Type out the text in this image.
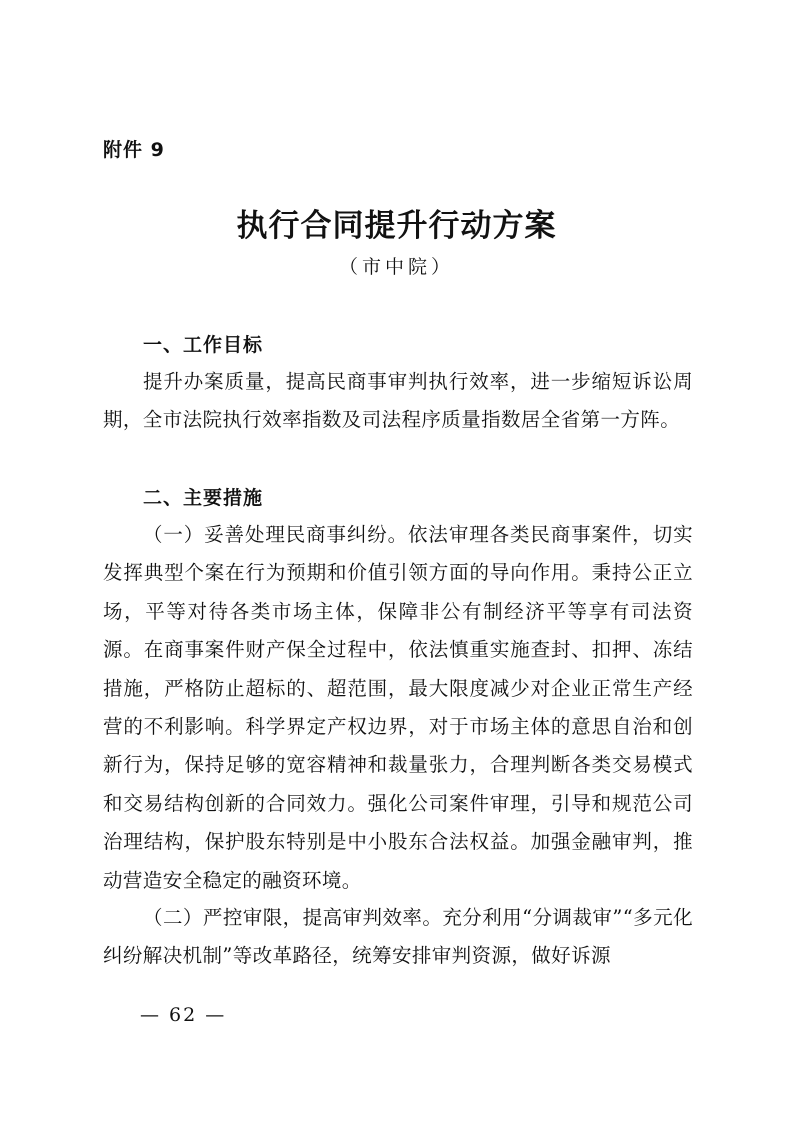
附件 9
执行合同提升行动方案
（市中院）
一、工作目标

提升办案质量，提高民商事审判执行效率，进一步缩短诉讼周期，全市法院执行效率指数及司法程序质量指数居全省第一方阵。

二、主要措施

（一）妥善处理民商事纠纷。依法审理各类民商事案件，切实发挥典型个案在行为预期和价值引领方面的导向作用。秉持公正立场，平等对待各类市场主体，保障非公有制经济平等享有司法资源。在商事案件财产保全过程中，依法慎重实施查封、扣押、冻结措施，严格防止超标的、超范围，最大限度减少对企业正常生产经营的不利影响。科学界定产权边界，对于市场主体的意思自治和创新行为，保持足够的宽容精神和裁量张力，合理判断各类交易模式和交易结构创新的合同效力。强化公司案件审理，引导和规范公司治理结构，保护股东特别是中小股东合法权益。加强金融审判，推动营造安全稳定的融资环境。

（二）严控审限，提高审判效率。充分利用“分调裁审”“多元化纠纷解决机制”等改革路径，统筹安排审判资源，做好诉源

— 62 —
